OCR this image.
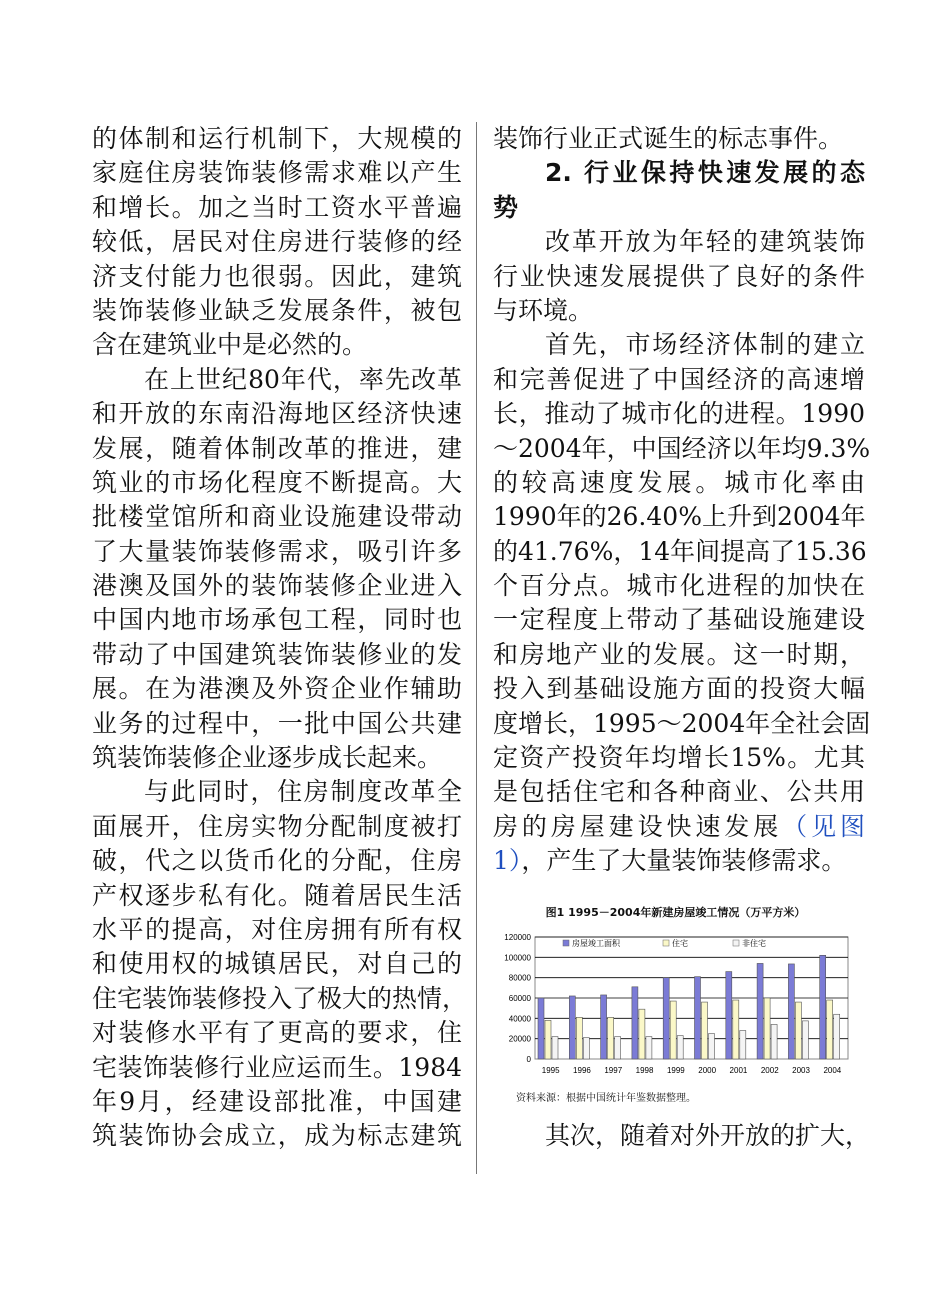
的体制和运行机制下，大规模的
家庭住房装饰装修需求难以产生
和增长。加之当时工资水平普遍
较低，居民对住房进行装修的经
济支付能力也很弱。因此，建筑
装饰装修业缺乏发展条件，被包
含在建筑业中是必然的。
在上世纪80年代，率先改革
和开放的东南沿海地区经济快速
发展，随着体制改革的推进，建
筑业的市场化程度不断提高。大
批楼堂馆所和商业设施建设带动
了大量装饰装修需求，吸引许多
港澳及国外的装饰装修企业进入
中国内地市场承包工程，同时也
带动了中国建筑装饰装修业的发
展。在为港澳及外资企业作辅助
业务的过程中，一批中国公共建
筑装饰装修企业逐步成长起来。
与此同时，住房制度改革全
面展开，住房实物分配制度被打
破，代之以货币化的分配，住房
产权逐步私有化。随着居民生活
水平的提高，对住房拥有所有权
和使用权的城镇居民，对自己的
住宅装饰装修投入了极大的热情，
对装修水平有了更高的要求，住
宅装饰装修行业应运而生。1984
年9月，经建设部批准，中国建
筑装饰协会成立，成为标志建筑
装饰行业正式诞生的标志事件。
2. 行业保持快速发展的态
势
改革开放为年轻的建筑装饰
行业快速发展提供了良好的条件
与环境。
首先，市场经济体制的建立
和完善促进了中国经济的高速增
长，推动了城市化的进程。1990
～2004年，中国经济以年均9.3%
的较高速度发展。城市化率由
1990年的26.40%上升到2004年
的41.76%，14年间提高了15.36
个百分点。城市化进程的加快在
一定程度上带动了基础设施建设
和房地产业的发展。这一时期，
投入到基础设施方面的投资大幅
度增长，1995～2004年全社会固
定资产投资年均增长15%。尤其
是包括住宅和各种商业、公共用
房的房屋建设快速发展（见图
1），产生了大量装饰装修需求。
图1 1995－2004年新建房屋竣工情况（万平方米）
0
20000
40000
60000
80000
100000
120000
房屋竣工面积	住宅	非住宅
1995 1996 1997 1998 1999 2000 2001 2002 2003 2004
资料来源：根据中国统计年鉴数据整理。
其次，随着对外开放的扩大，
